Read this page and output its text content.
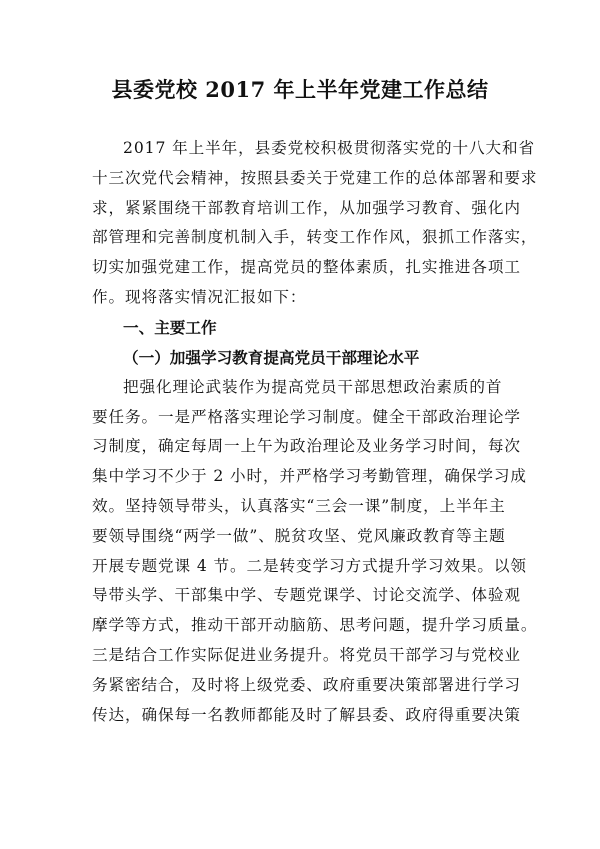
县委党校 2017 年上半年党建工作总结

2017 年上半年，县委党校积极贯彻落实党的十八大和省
十三次党代会精神，按照县委关于党建工作的总体部署和要求
求，紧紧围绕干部教育培训工作，从加强学习教育、强化内
部管理和完善制度机制入手，转变工作作风，狠抓工作落实，
切实加强党建工作，提高党员的整体素质，扎实推进各项工
作。现将落实情况汇报如下：

一、主要工作
（一）加强学习教育提高党员干部理论水平

把强化理论武装作为提高党员干部思想政治素质的首
要任务。一是严格落实理论学习制度。健全干部政治理论学
习制度，确定每周一上午为政治理论及业务学习时间，每次
集中学习不少于 2 小时，并严格学习考勤管理，确保学习成
效。坚持领导带头，认真落实“三会一课”制度，上半年主
要领导围绕“两学一做”、脱贫攻坚、党风廉政教育等主题
开展专题党课 4 节。二是转变学习方式提升学习效果。以领
导带头学、干部集中学、专题党课学、讨论交流学、体验观
摩学等方式，推动干部开动脑筋、思考问题，提升学习质量。
三是结合工作实际促进业务提升。将党员干部学习与党校业
务紧密结合，及时将上级党委、政府重要决策部署进行学习
传达，确保每一名教师都能及时了解县委、政府得重要决策
